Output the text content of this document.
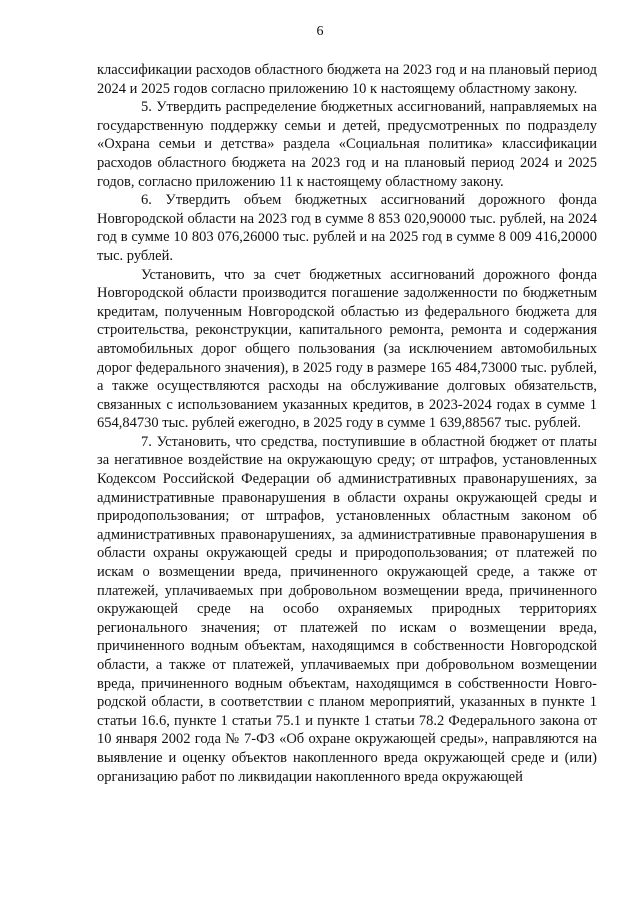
6

классификации расходов областного бюджета на 2023 год и на плановый период 2024 и 2025 годов согласно приложению 10 к настоящему областному закону.

5. Утвердить распределение бюджетных ассигнований, направляемых на государственную поддержку семьи и детей, предусмотренных по подразделу «Охрана семьи и детства» раздела «Социальная политика» классификации расходов областного бюджета на 2023 год и на плановый период 2024 и 2025 годов, согласно приложению 11 к настоящему областному закону.

6. Утвердить объем бюджетных ассигнований дорожного фонда Новгородской области на 2023 год в сумме 8 853 020,90000 тыс. рублей, на 2024 год в сумме 10 803 076,26000 тыс. рублей и на 2025 год в сумме 8 009 416,20000 тыс. рублей.

Установить, что за счет бюджетных ассигнований дорожного фонда Новгородской области производится погашение задолженности по бюджетным кредитам, полученным Новгородской областью из федерального бюджета для строительства, реконструкции, капитального ремонта, ремонта и содержания автомобильных дорог общего пользования (за исключением автомобильных дорог федерального значения), в 2025 году в размере 165 484,73000 тыс. рублей, а также осуществляются расходы на обслуживание долговых обязательств, связанных с использованием указанных кредитов, в 2023-2024 годах в сумме 1 654,84730 тыс. рублей ежегодно, в 2025 году в сумме 1 639,88567 тыс. рублей.

7. Установить, что средства, поступившие в областной бюджет от платы за негативное воздействие на окружающую среду; от штрафов, установленных Кодексом Российской Федерации об административных правонарушениях, за административные правонарушения в области охраны окружающей среды и природопользования; от штрафов, установленных областным законом об административных правонарушениях, за административные правонарушения в области охраны окружающей среды и природопользования; от платежей по искам о возмещении вреда, причиненного окружающей среде, а также от платежей, уплачиваемых при добровольном возмещении вреда, причиненного окружающей среде на особо охраняемых природных территориях регионального значения; от платежей по искам о возмещении вреда, причиненного водным объектам, находящимся в собственности Новгородской области, а также от платежей, уплачиваемых при добровольном возмещении вреда, причиненного водным объектам, находящимся в собственности Новгородской области, в соответствии с планом мероприятий, указанных в пункте 1 статьи 16.6, пункте 1 статьи 75.1 и пункте 1 статьи 78.2 Федерального закона от 10 января 2002 года № 7-ФЗ «Об охране окружающей среды», направляются на выявление и оценку объектов накопленного вреда окружающей среде и (или) организацию работ по ликвидации накопленного вреда окружающей
